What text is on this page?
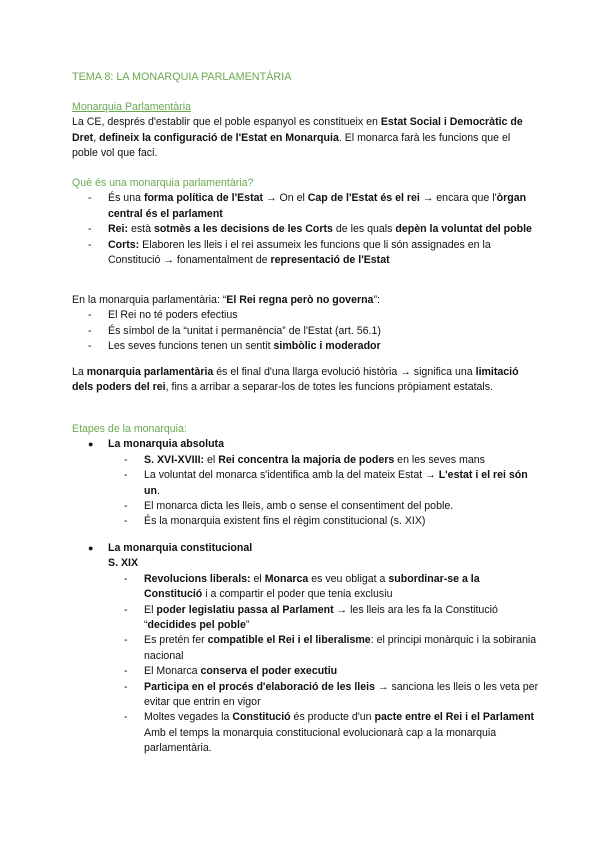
TEMA 8: LA MONARQUIA PARLAMENTÀRIA
Monarquia Parlamentària
La CE, després d'establir que el poble espanyol es constitueix en Estat Social i Democràtic de Dret, defineix la configuració de l'Estat en Monarquia. El monarca farà les funcions que el poble vol que faci.
Què és una monarquia parlamentària?
- És una forma política de l'Estat → On el Cap de l'Estat és el rei → encara que l'òrgan central és el parlament
- Rei: està sotmès a les decisions de les Corts de les quals depèn la voluntat del poble
- Corts: Elaboren les lleis i el rei assumeix les funcions que li són assignades en la Constitució → fonamentalment de representació de l'Estat
En la monarquia parlamentària: “El Rei regna però no governa”:
- El Rei no té poders efectius
- És símbol de la “unitat i permanència” de l'Estat (art. 56.1)
- Les seves funcions tenen un sentit simbòlic i moderador
La monarquia parlamentària és el final d'una llarga evolució història → significa una limitació dels poders del rei, fins a arribar a separar-los de totes les funcions pròpiament estatals.
Etapes de la monarquia:
● La monarquia absoluta
- S. XVI-XVIII: el Rei concentra la majoria de poders en les seves mans
- La voluntat del monarca s'identifica amb la del mateix Estat → L'estat i el rei són un.
- El monarca dicta les lleis, amb o sense el consentiment del poble.
- És la monarquia existent fins el règim constitucional (s. XIX)
● La monarquia constitucional
S. XIX
- Revolucions liberals: el Monarca es veu obligat a subordinar-se a la Constitució i a compartir el poder que tenia exclusiu
- El poder legislatiu passa al Parlament → les lleis ara les fa la Constitució “decidides pel poble”
- Es pretén fer compatible el Rei i el liberalisme: el principi monàrquic i la sobirania nacional
- El Monarca conserva el poder executiu
- Participa en el procés d'elaboració de les lleis → sanciona les lleis o les veta per evitar que entrin en vigor
- Moltes vegades la Constitució és producte d'un pacte entre el Rei i el Parlament
Amb el temps la monarquia constitucional evolucionarà cap a la monarquia parlamentària.
